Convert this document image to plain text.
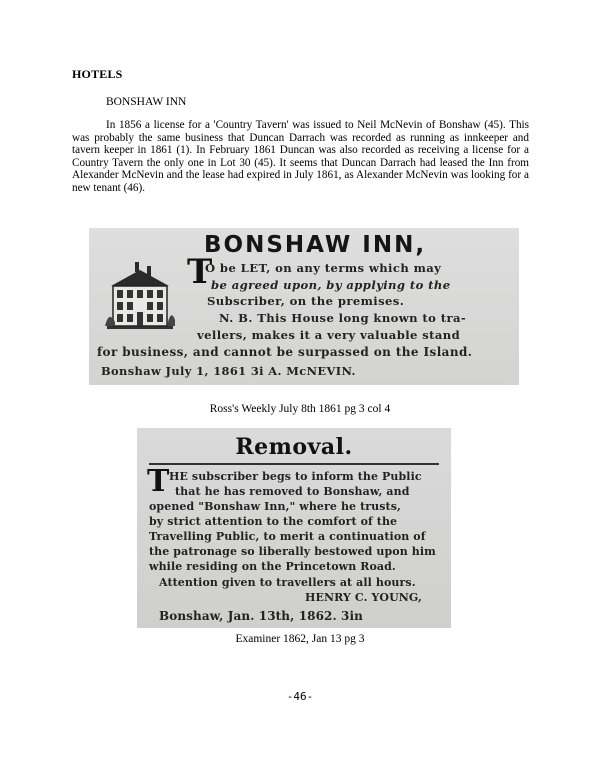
HOTELS
BONSHAW INN
In 1856 a license for a 'Country Tavern' was issued to Neil McNevin of Bonshaw (45). This was probably the same business that Duncan Darrach was recorded as running as innkeeper and tavern keeper in 1861 (1). In February 1861 Duncan was also recorded as receiving a license for a Country Tavern the only one in Lot 30 (45). It seems that Duncan Darrach had leased the Inn from Alexander McNevin and the lease had expired in July 1861, as Alexander McNevin was looking for a new tenant (46).
BONSHAW INN,
T
O be LET, on any terms which may
be agreed upon, by applying to the
Subscriber, on the premises.
N. B. This House long known to tra-
vellers, makes it a very valuable stand
for business, and cannot be surpassed on the Island.
Bonshaw July 1, 1861 3i A. McNEVIN.
Ross's Weekly July 8th 1861 pg 3 col 4
Removal.
T HE subscriber begs to inform the Public
that he has removed to Bonshaw, and
opened "Bonshaw Inn," where he trusts,
by strict attention to the comfort of the
Travelling Public, to merit a continuation of
the patronage so liberally bestowed upon him
while residing on the Princetown Road.
Attention given to travellers at all hours.
HENRY C. YOUNG,
Bonshaw, Jan. 13th, 1862. 3in
Examiner 1862, Jan 13 pg 3
-46-
